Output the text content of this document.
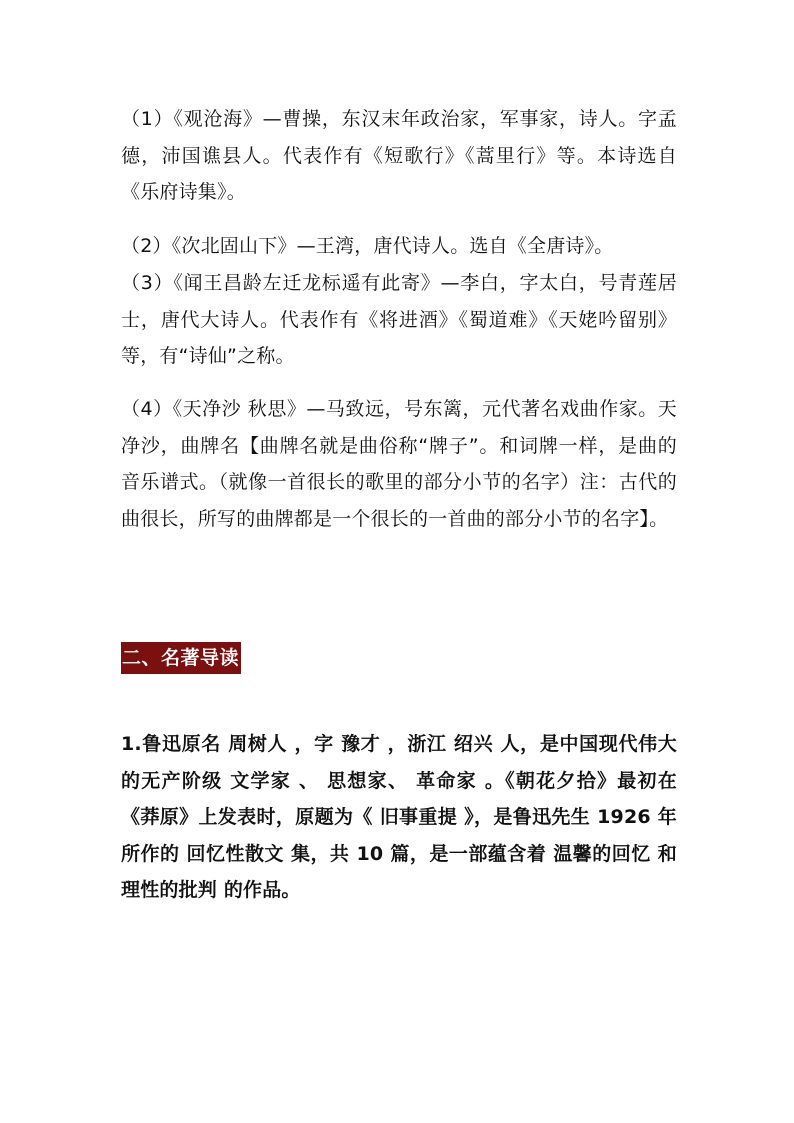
（1）《观沧海》—曹操，东汉末年政治家，军事家，诗人。字孟德，沛国谯县人。代表作有《短歌行》《蒿里行》等。本诗选自《乐府诗集》。

（2）《次北固山下》—王湾，唐代诗人。选自《全唐诗》。

（3）《闻王昌龄左迁龙标遥有此寄》—李白，字太白，号青莲居士，唐代大诗人。代表作有《将进酒》《蜀道难》《天姥吟留别》等，有“诗仙”之称。

（4）《天净沙 秋思》—马致远，号东篱，元代著名戏曲作家。天净沙，曲牌名【曲牌名就是曲俗称“牌子”。和词牌一样，是曲的音乐谱式。（就像一首很长的歌里的部分小节的名字）注：古代的曲很长，所写的曲牌都是一个很长的一首曲的部分小节的名字】。

二、名著导读

1.鲁迅原名 周树人 ，字 豫才 ，浙江 绍兴 人，是中国现代伟大的无产阶级 文学家 、 思想家、 革命家 。《朝花夕拾》最初在《莽原》上发表时，原题为《 旧事重提 》，是鲁迅先生 1926 年所作的 回忆性散文 集，共 10 篇，是一部蕴含着 温馨的回忆 和 理性的批判 的作品。
